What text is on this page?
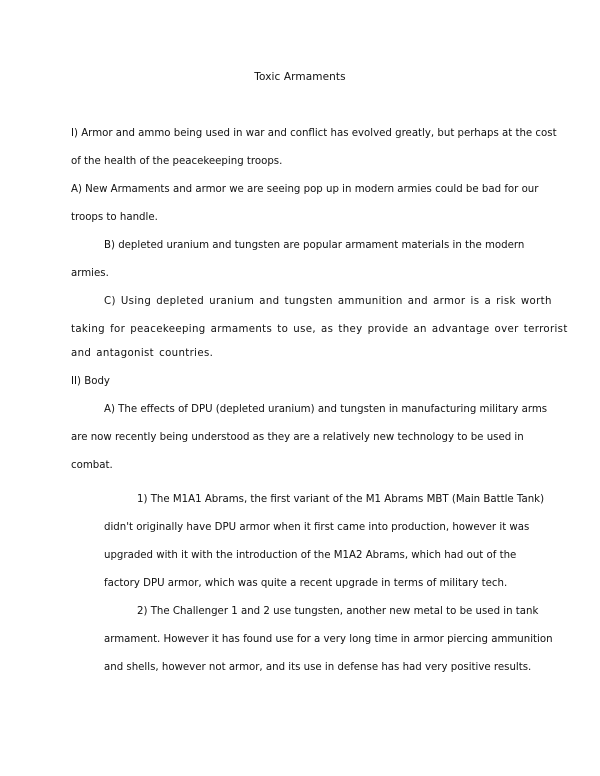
Toxic Armaments
I) Armor and ammo being used in war and conflict has evolved greatly, but perhaps at the cost
of the health of the peacekeeping troops.
A) New Armaments and armor we are seeing pop up in modern armies could be bad for our
troops to handle.
B) depleted uranium and tungsten are popular armament materials in the modern
armies.
C) Using depleted uranium and tungsten ammunition and armor is a risk worth
taking for peacekeeping armaments to use, as they provide an advantage over terrorist
and antagonist countries.
II) Body
A) The effects of DPU (depleted uranium) and tungsten in manufacturing military arms
are now recently being understood as they are a relatively new technology to be used in
combat.
1) The M1A1 Abrams, the first variant of the M1 Abrams MBT (Main Battle Tank)
didn't originally have DPU armor when it first came into production, however it was
upgraded with it with the introduction of the M1A2 Abrams, which had out of the
factory DPU armor, which was quite a recent upgrade in terms of military tech.
2) The Challenger 1 and 2 use tungsten, another new metal to be used in tank
armament. However it has found use for a very long time in armor piercing ammunition
and shells, however not armor, and its use in defense has had very positive results.
